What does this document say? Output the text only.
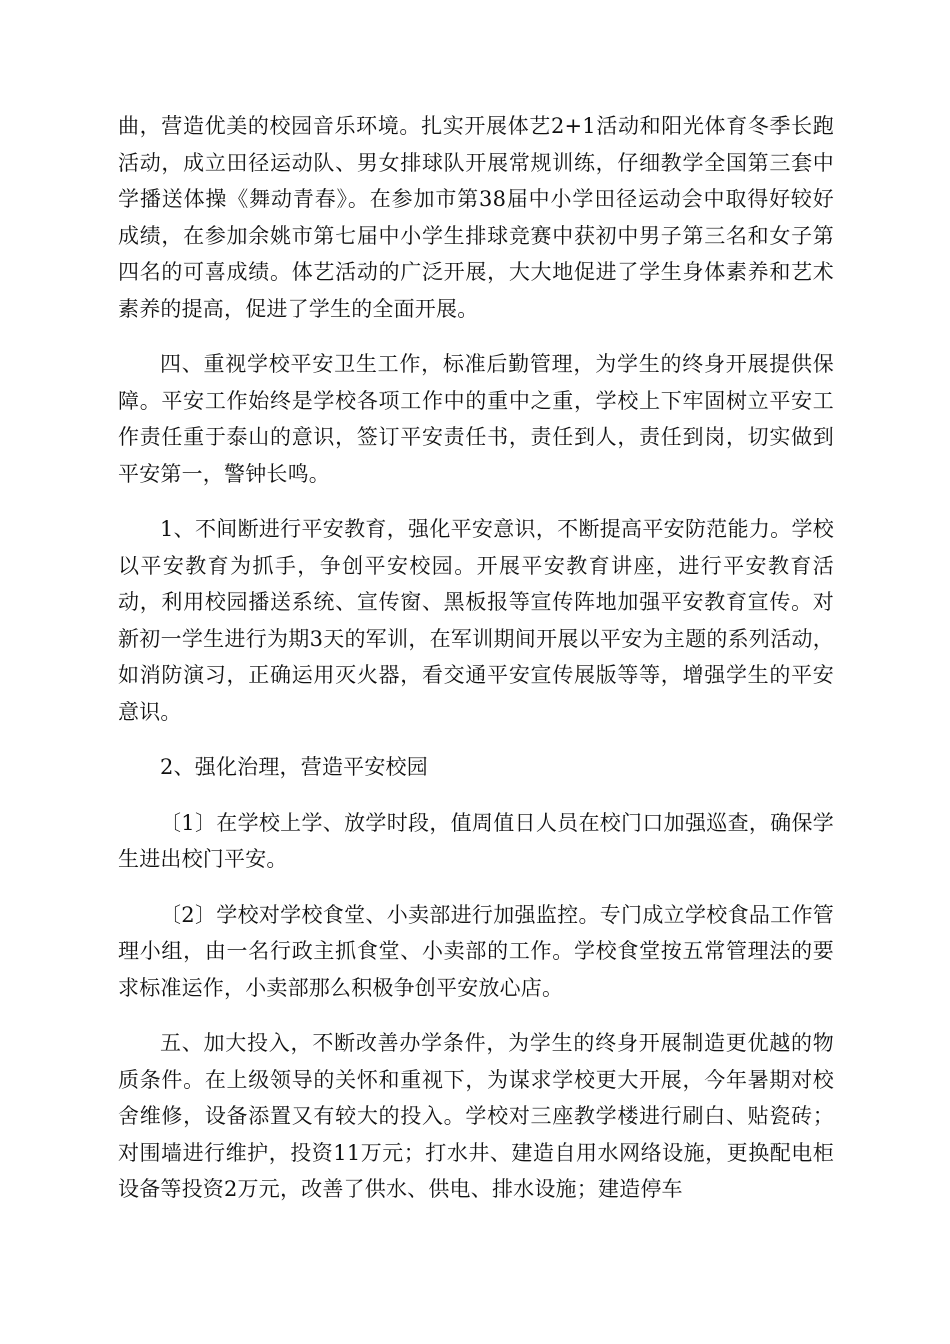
曲，营造优美的校园音乐环境。扎实开展体艺2+1活动和阳光体育冬季长跑活动，成立田径运动队、男女排球队开展常规训练，仔细教学全国第三套中学播送体操《舞动青春》。在参加市第38届中小学田径运动会中取得好较好成绩，在参加余姚市第七届中小学生排球竞赛中获初中男子第三名和女子第四名的可喜成绩。体艺活动的广泛开展，大大地促进了学生身体素养和艺术素养的提高，促进了学生的全面开展。

四、重视学校平安卫生工作，标准后勤管理，为学生的终身开展提供保障。平安工作始终是学校各项工作中的重中之重，学校上下牢固树立平安工作责任重于泰山的意识，签订平安责任书，责任到人，责任到岗，切实做到平安第一，警钟长鸣。

1、不间断进行平安教育，强化平安意识，不断提高平安防范能力。学校以平安教育为抓手，争创平安校园。开展平安教育讲座，进行平安教育活动，利用校园播送系统、宣传窗、黑板报等宣传阵地加强平安教育宣传。对新初一学生进行为期3天的军训，在军训期间开展以平安为主题的系列活动，如消防演习，正确运用灭火器，看交通平安宣传展版等等，增强学生的平安意识。

2、强化治理，营造平安校园

〔1〕在学校上学、放学时段，值周值日人员在校门口加强巡查，确保学生进出校门平安。

〔2〕学校对学校食堂、小卖部进行加强监控。专门成立学校食品工作管理小组，由一名行政主抓食堂、小卖部的工作。学校食堂按五常管理法的要求标准运作，小卖部那么积极争创平安放心店。

五、加大投入，不断改善办学条件，为学生的终身开展制造更优越的物质条件。在上级领导的关怀和重视下，为谋求学校更大开展，今年暑期对校舍维修，设备添置又有较大的投入。学校对三座教学楼进行刷白、贴瓷砖；对围墙进行维护，投资11万元；打水井、建造自用水网络设施，更换配电柜设备等投资2万元，改善了供水、供电、排水设施；建造停车
